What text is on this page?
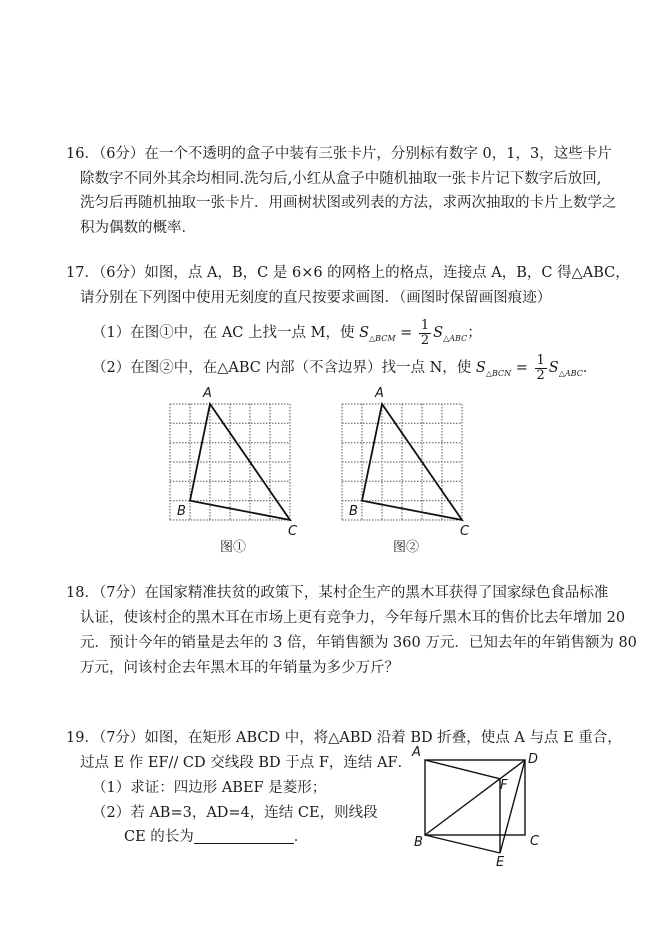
16．（6分）在一个不透明的盒子中装有三张卡片，分别标有数字 0，1，3，这些卡片
除数字不同外其余均相同.洗匀后,小红从盒子中随机抽取一张卡片记下数字后放回,
洗匀后再随机抽取一张卡片．用画树状图或列表的方法，求两次抽取的卡片上数学之
积为偶数的概率．
17．（6分）如图，点 A，B，C 是 6×6 的网格上的格点，连接点 A，B，C 得△ABC，
请分别在下列图中使用无刻度的直尺按要求画图．（画图时保留画图痕迹）
（1）在图①中，在 AC 上找一点 M，使 $S_{\triangle BCM} = \frac{1}{2} S_{\triangle ABC}$；
（2）在图②中，在△ABC 内部（不含边界）找一点 N，使 $S_{\triangle BCN} = \frac{1}{2} S_{\triangle ABC}$．
A
B
C
图①
A
B
C
图②
18．（7分）在国家精准扶贫的政策下，某村企生产的黑木耳获得了国家绿色食品标准
认证，使该村企的黑木耳在市场上更有竞争力，今年每斤黑木耳的售价比去年增加 20
元．预计今年的销量是去年的 3 倍，年销售额为 360 万元．已知去年的年销售额为 80
万元，问该村企去年黑木耳的年销量为多少万斤？
19．（7分）如图，在矩形 ABCD 中，将△ABD 沿着 BD 折叠，使点 A 与点 E 重合，
过点 E 作 EF// CD 交线段 BD 于点 F，连结 AF．
（1）求证：四边形 ABEF 是菱形；
（2）若 AB=3，AD=4，连结 CE，则线段
CE 的长为	．
A	D
F
B	C
E
